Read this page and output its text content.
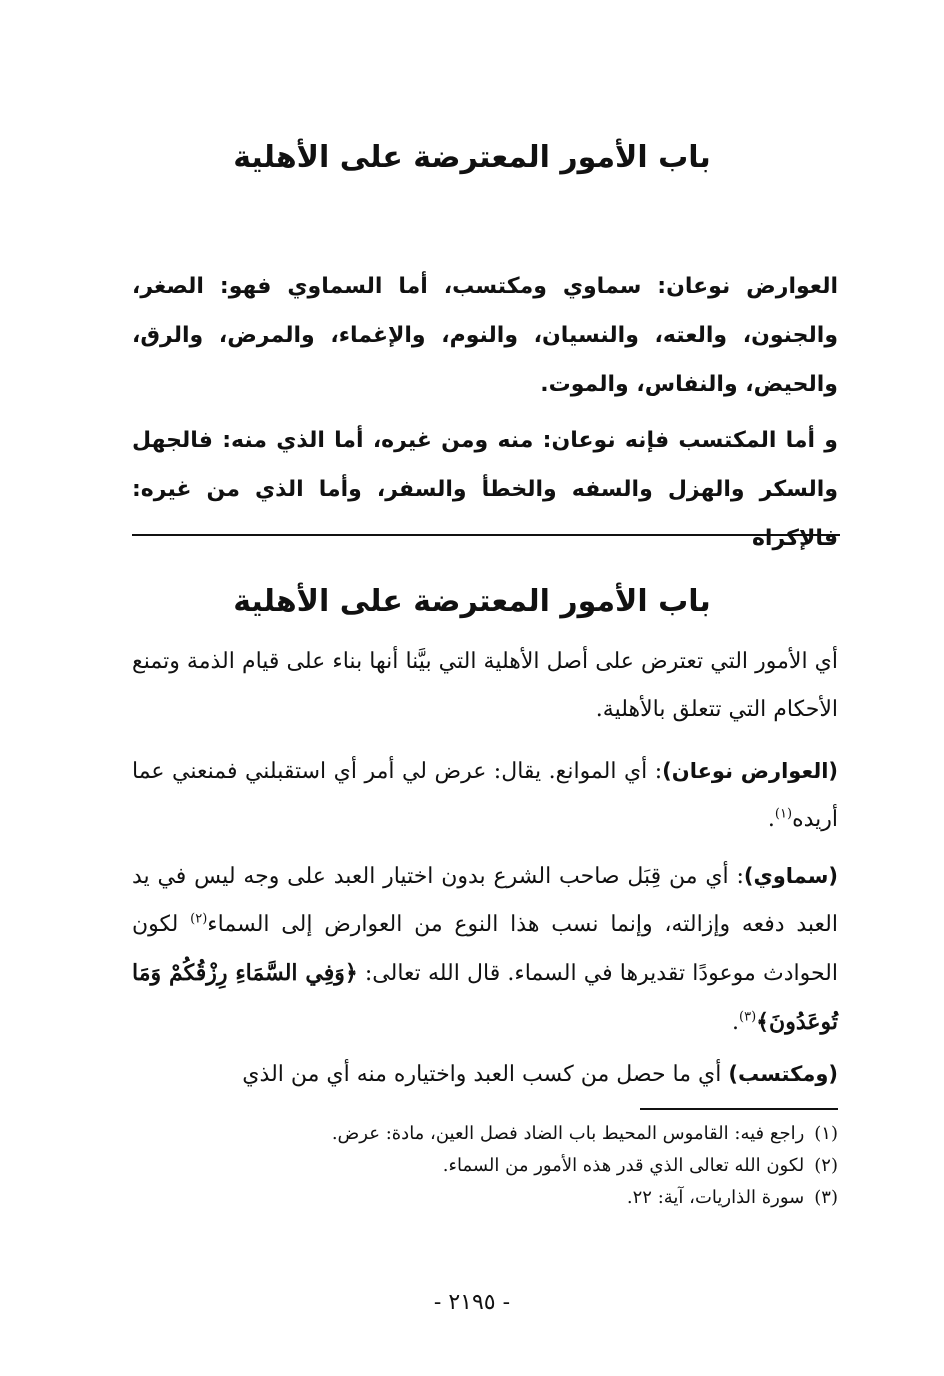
باب الأمور المعترضة على الأهلية
العوارض نوعان: سماوي ومكتسب، أما السماوي فهو: الصغر، والجنون، والعته، والنسيان، والنوم، والإغماء، والمرض، والرق، والحيض، والنفاس، والموت.
و أما المكتسب فإنه نوعان: منه ومن غيره، أما الذي منه: فالجهل والسكر والهزل والسفه والخطأ والسفر، وأما الذي من غيره: فالإكراه
باب الأمور المعترضة على الأهلية
أي الأمور التي تعترض على أصل الأهلية التي بيَّنا أنها بناء على قيام الذمة وتمنع الأحكام التي تتعلق بالأهلية.
(العوارض نوعان): أي الموانع. يقال: عرض لي أمر أي استقبلني فمنعني عما أريده$^{(١)}$.
(سماوي): أي من قِبَل صاحب الشرع بدون اختيار العبد على وجه ليس في يد العبد دفعه وإزالته، وإنما نسب هذا النوع من العوارض إلى السماء$^{(٢)}$ لكون الحوادث موعودًا تقديرها في السماء. قال الله تعالى: ﴿وَفِي السَّمَاءِ رِزْقُكُمْ وَمَا تُوعَدُونَ﴾$^{(٣)}$.
(ومكتسب) أي ما حصل من كسب العبد واختياره منه أي من الذي
(١)راجع فيه: القاموس المحيط باب الضاد فصل العين، مادة: عرض.
(٢)لكون الله تعالى الذي قدر هذه الأمور من السماء.
(٣)سورة الذاريات، آية: ٢٢.
- ٢١٩٥ -
